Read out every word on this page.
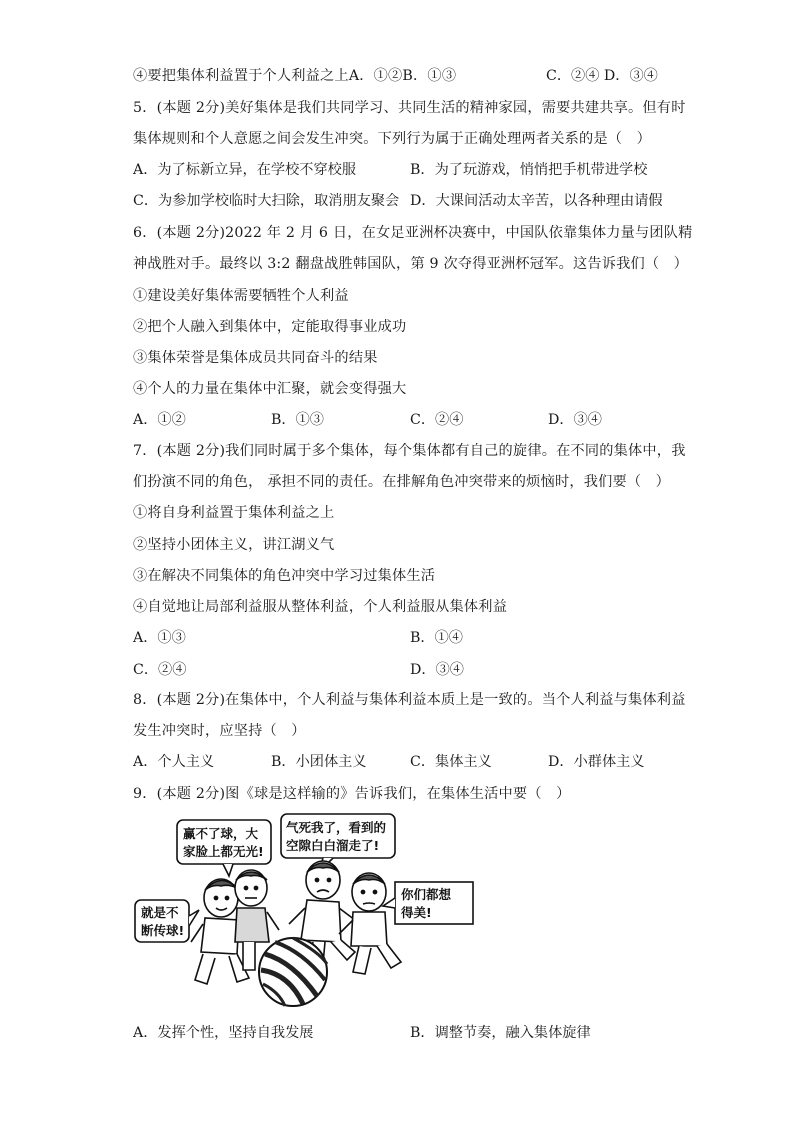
④要把集体利益置于个人利益之上A．①②B．①③
5．(本题 2分)美好集体是我们共同学习、共同生活的精神家园，需要共建共享。但有时
集体规则和个人意愿之间会发生冲突。下列行为属于正确处理两者关系的是（　）
6．(本题 2分)2022 年 2 月 6 日，在女足亚洲杯决赛中，中国队依靠集体力量与团队精
神战胜对手。最终以 3:2 翻盘战胜韩国队，第 9 次夺得亚洲杯冠军。这告诉我们（　）
①建设美好集体需要牺牲个人利益
②把个人融入到集体中，定能取得事业成功
③集体荣誉是集体成员共同奋斗的结果
④个人的力量在集体中汇聚，就会变得强大
7．(本题 2分)我们同时属于多个集体，每个集体都有自己的旋律。在不同的集体中，我
们扮演不同的角色， 承担不同的责任。在排解角色冲突带来的烦恼时，我们要（　）
①将自身利益置于集体利益之上
②坚持小团体主义，讲江湖义气
③在解决不同集体的角色冲突中学习过集体生活
④自觉地让局部利益服从整体利益，个人利益服从集体利益
8．(本题 2分)在集体中，个人利益与集体利益本质上是一致的。当个人利益与集体利益
发生冲突时，应坚持（　）
9．(本题 2分)图《球是这样输的》告诉我们，在集体生活中要（　）
C．②④ D．③④
A．为了标新立异，在学校不穿校服	B．为了玩游戏，悄悄把手机带进学校
C．为参加学校临时大扫除，取消朋友聚会 D．大课间活动太辛苦，以各种理由请假
A．①②	B．①③	C．②④	D．③④
A．①③	B．①④
C．②④	D．③④
A．个人主义	B．小团体主义	C．集体主义	D．小群体主义
A．发挥个性，坚持自我发展	B．调整节奏，融入集体旋律
赢不了球，大
家脸上都无光!
气死我了，看到的
空隙白白溜走了!
你们都想
得美!
就是不
断传球!
